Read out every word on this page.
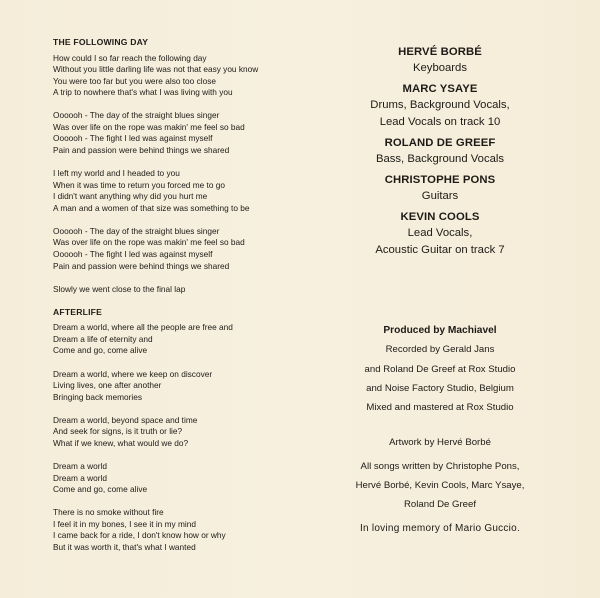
THE FOLLOWING DAY
How could I so far reach the following day
Without you little darling life was not that easy you know
You were too far but you were also too close
A trip to nowhere that's what I was living with you
Oooooh - The day of the straight blues singer
Was over life on the rope was makin' me feel so bad
Oooooh - The fight I led was against myself
Pain and passion were behind things we shared
I left my world and I headed to you
When it was time to return you forced me to go
I didn't want anything why did you hurt me
A man and a women of that size was something to be
Oooooh - The day of the straight blues singer
Was over life on the rope was makin' me feel so bad
Oooooh - The fight I led was against myself
Pain and passion were behind things we shared
Slowly we went close to the final lap
AFTERLIFE
Dream a world, where all the people are free and
Dream a life of eternity and
Come and go, come alive
Dream a world, where we keep on discover
Living lives, one after another
Bringing back memories
Dream a world, beyond space and time
And seek for signs, is it truth or lie?
What if we knew, what would we do?
Dream a world
Dream a world
Come and go, come alive
There is no smoke without fire
I feel it in my bones, I see it in my mind
I came back for a ride, I don't know how or why
But it was worth it, that's what I wanted
HERVÉ BORBÉ
Keyboards
MARC YSAYE
Drums, Background Vocals,
Lead Vocals on track 10
ROLAND DE GREEF
Bass, Background Vocals
CHRISTOPHE PONS
Guitars
KEVIN COOLS
Lead Vocals,
Acoustic Guitar on track 7
Produced by Machiavel
Recorded by Gerald Jans
and Roland De Greef at Rox Studio
and Noise Factory Studio, Belgium
Mixed and mastered at Rox Studio
Artwork by Hervé Borbé
All songs written by Christophe Pons,
Hervé Borbé, Kevin Cools, Marc Ysaye,
Roland De Greef
In loving memory of Mario Guccio.
